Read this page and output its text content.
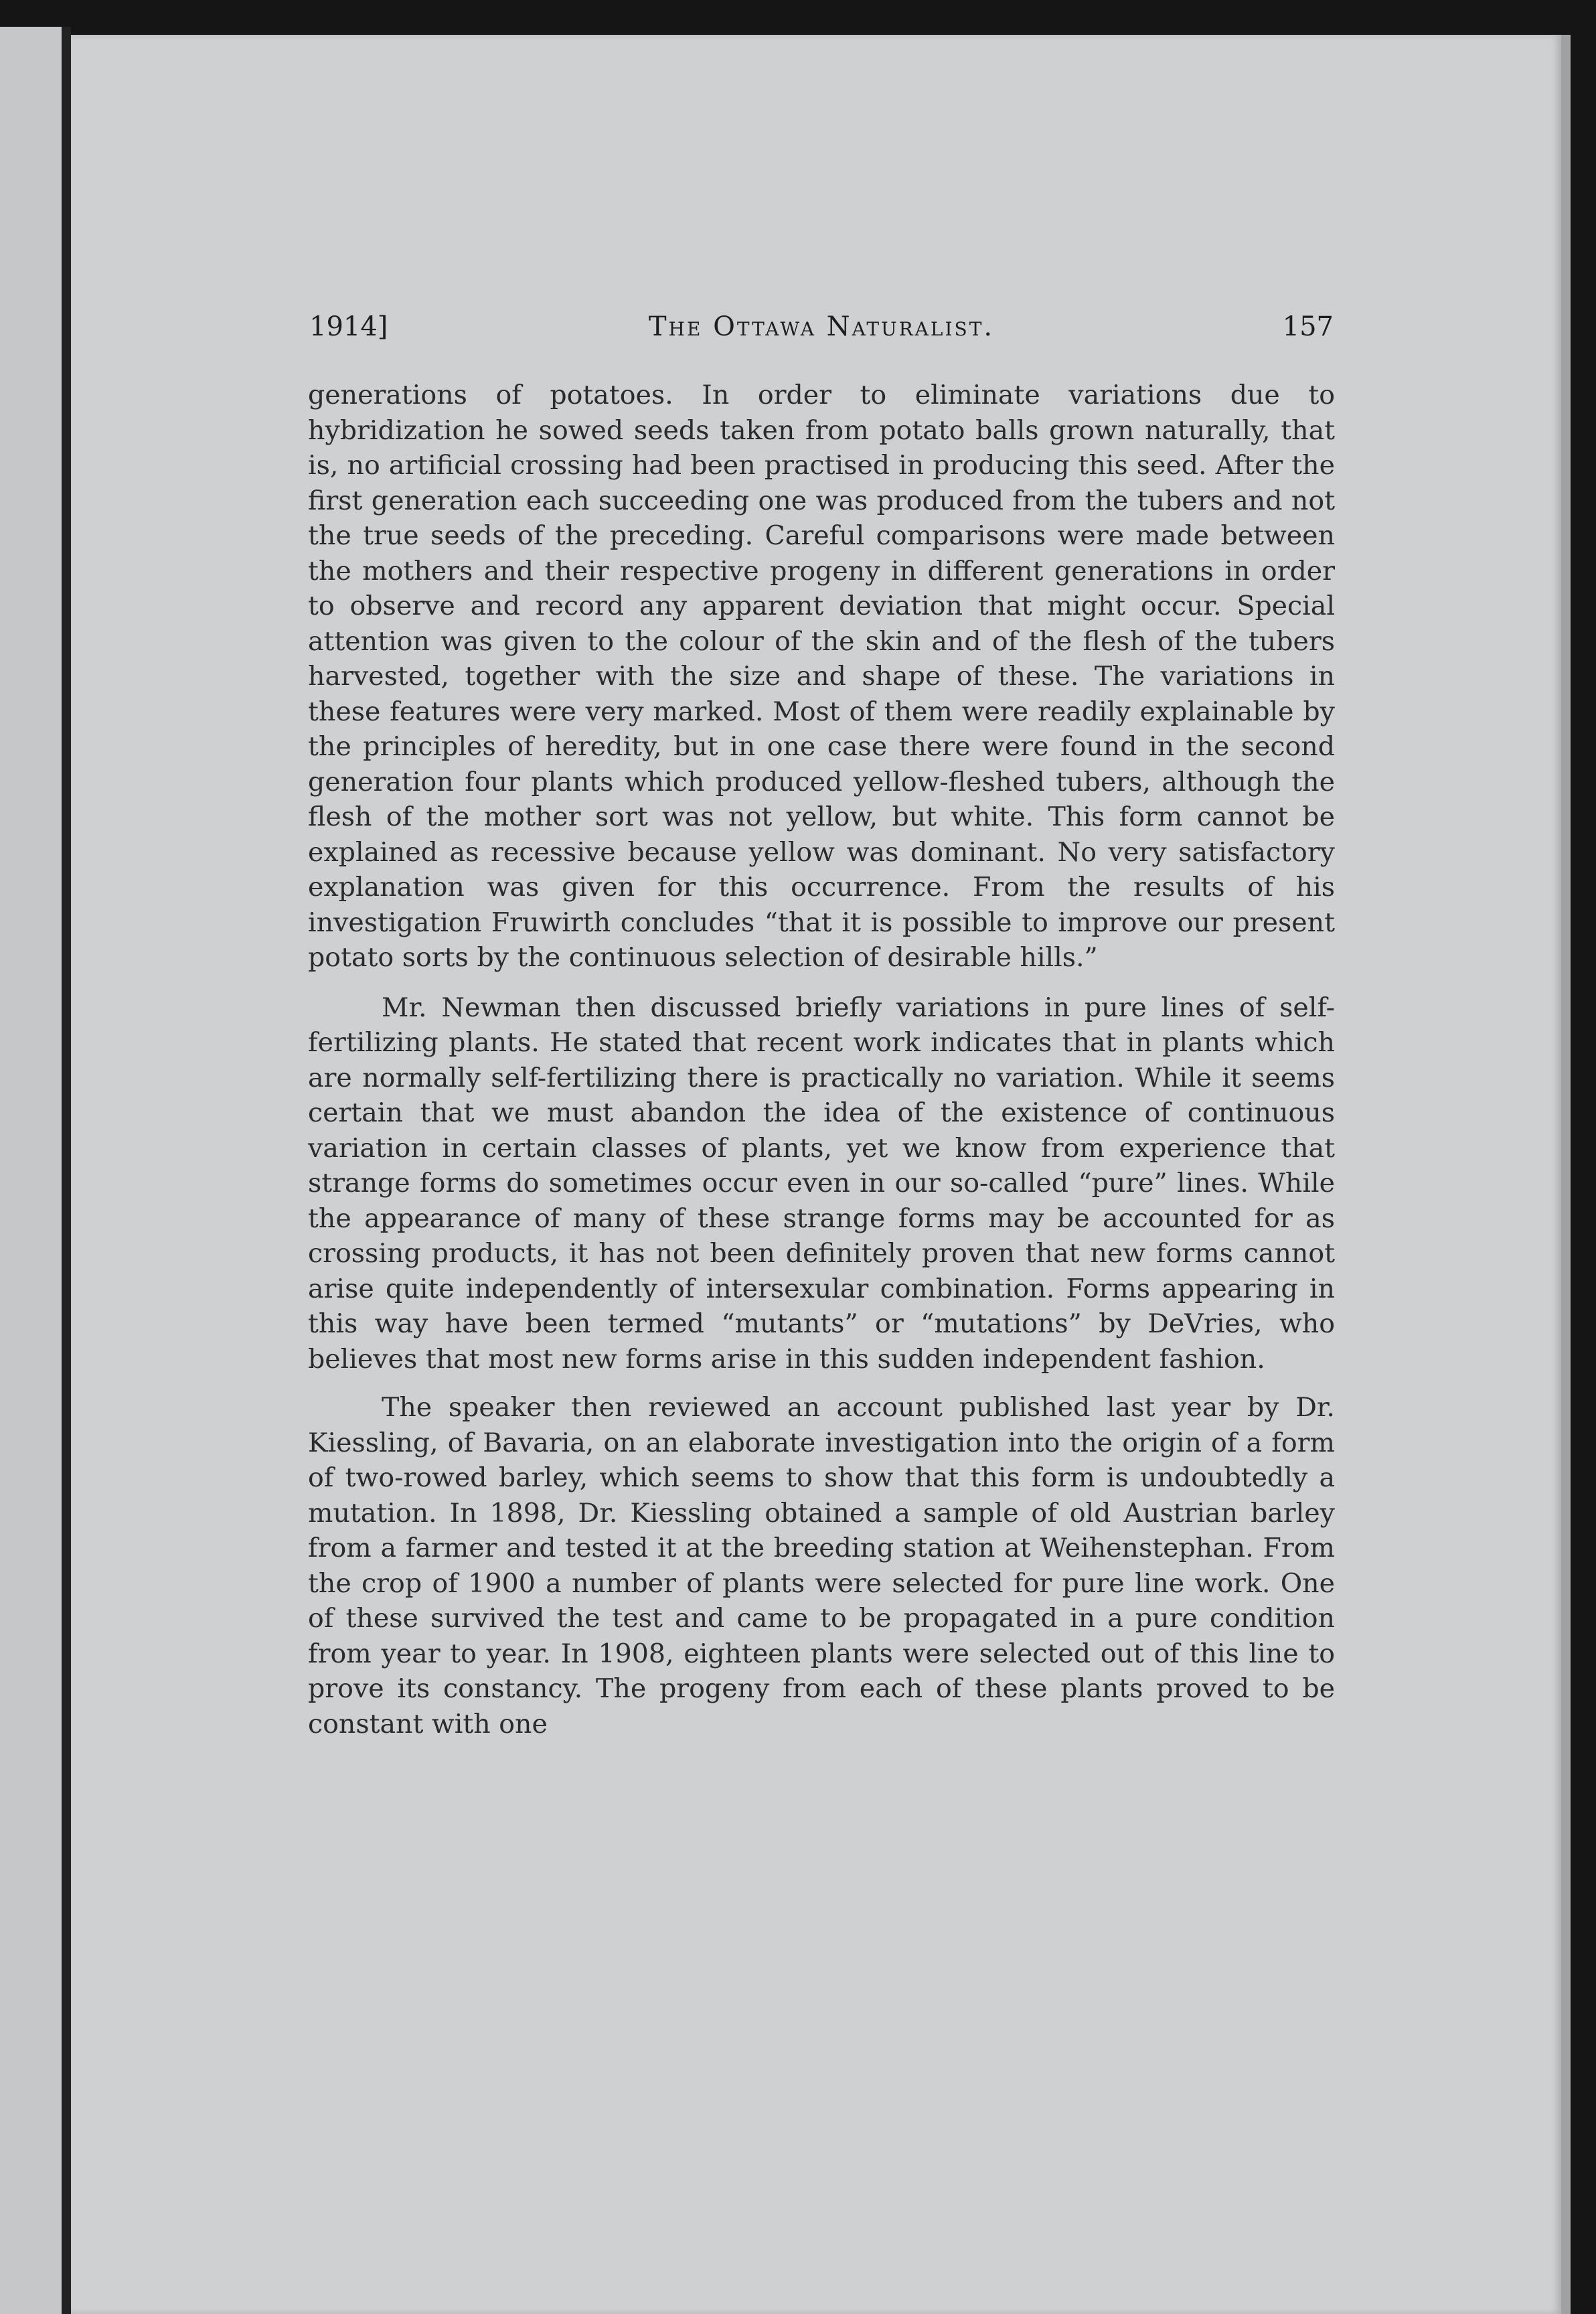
1914]	The Ottawa Naturalist.	157

generations of potatoes. In order to eliminate variations due to hybridization he sowed seeds taken from potato balls grown naturally, that is, no artificial crossing had been practised in producing this seed. After the first generation each succeeding one was produced from the tubers and not the true seeds of the preceding. Careful comparisons were made between the mothers and their respective progeny in different generations in order to observe and record any apparent deviation that might occur. Special attention was given to the colour of the skin and of the flesh of the tubers harvested, together with the size and shape of these. The variations in these features were very marked. Most of them were readily explainable by the principles of heredity, but in one case there were found in the second generation four plants which produced yellow-fleshed tubers, although the flesh of the mother sort was not yellow, but white. This form cannot be explained as recessive because yellow was dominant. No very satisfactory explanation was given for this occurrence. From the results of his investigation Fruwirth concludes “that it is possible to improve our present potato sorts by the continuous selection of desirable hills.”

Mr. Newman then discussed briefly variations in pure lines of self-fertilizing plants. He stated that recent work indicates that in plants which are normally self-fertilizing there is practically no variation. While it seems certain that we must abandon the idea of the existence of continuous variation in certain classes of plants, yet we know from experience that strange forms do sometimes occur even in our so-called “pure” lines. While the appearance of many of these strange forms may be accounted for as crossing products, it has not been definitely proven that new forms cannot arise quite independently of intersexular combination. Forms appearing in this way have been termed “mutants” or “mutations” by DeVries, who believes that most new forms arise in this sudden independent fashion.

The speaker then reviewed an account published last year by Dr. Kiessling, of Bavaria, on an elaborate investigation into the origin of a form of two-rowed barley, which seems to show that this form is undoubtedly a mutation. In 1898, Dr. Kiessling obtained a sample of old Austrian barley from a farmer and tested it at the breeding station at Weihenstephan. From the crop of 1900 a number of plants were selected for pure line work. One of these survived the test and came to be propagated in a pure condition from year to year. In 1908, eighteen plants were selected out of this line to prove its constancy. The progeny from each of these plants proved to be constant with one
